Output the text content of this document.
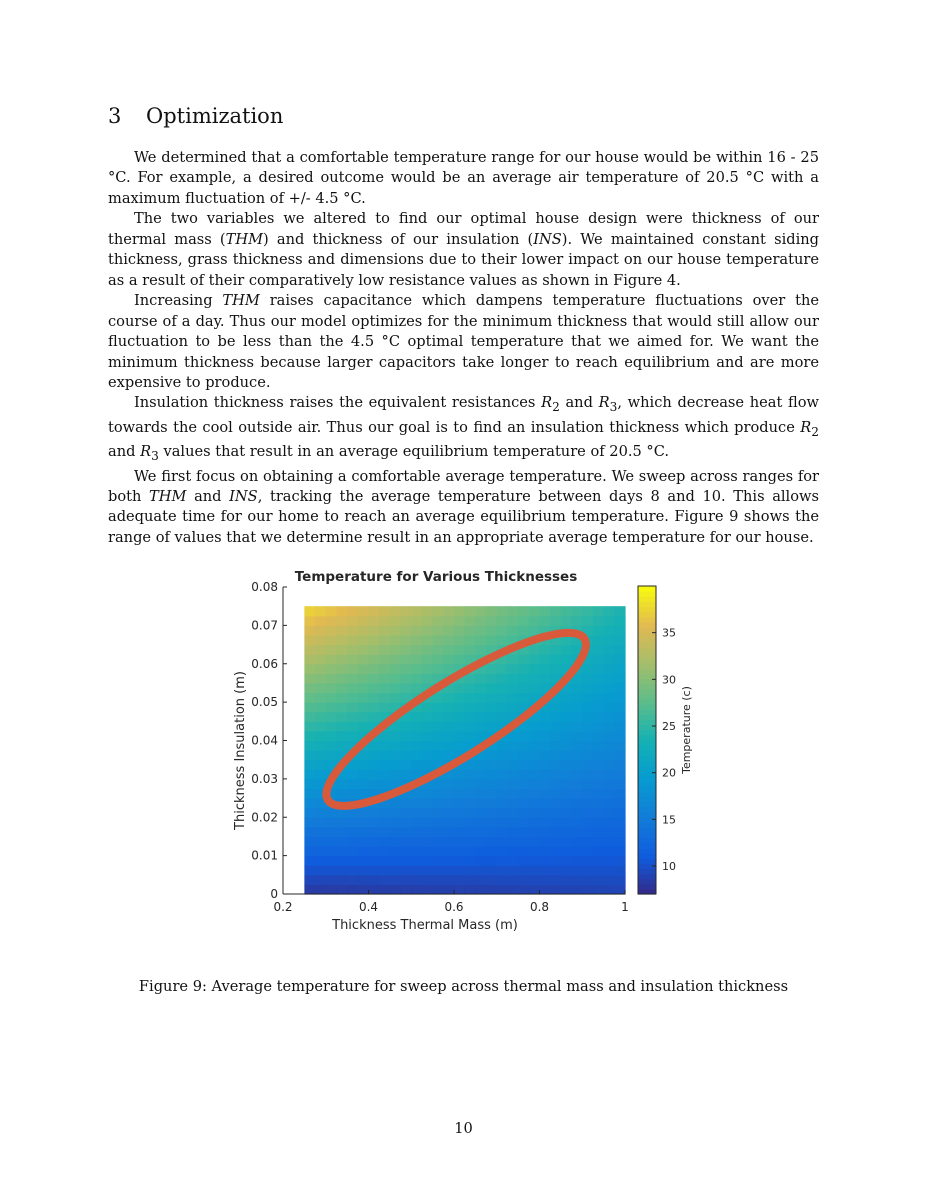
3 Optimization

We determined that a comfortable temperature range for our house would be within 16 - 25 °C. For example, a desired outcome would be an average air temperature of 20.5 °C with a maximum fluctuation of +/- 4.5 °C.

The two variables we altered to find our optimal house design were thickness of our thermal mass (THM) and thickness of our insulation (INS). We maintained constant siding thickness, grass thickness and dimensions due to their lower impact on our house temperature as a result of their comparatively low resistance values as shown in Figure 4.

Increasing THM raises capacitance which dampens temperature fluctuations over the course of a day. Thus our model optimizes for the minimum thickness that would still allow our fluctuation to be less than the 4.5 °C optimal temperature that we aimed for. We want the minimum thickness because larger capacitors take longer to reach equilibrium and are more expensive to produce.

Insulation thickness raises the equivalent resistances $R_2$ and $R_3$, which decrease heat flow towards the cool outside air. Thus our goal is to find an insulation thickness which produce $R_2$ and $R_3$ values that result in an average equilibrium temperature of 20.5 °C.

We first focus on obtaining a comfortable average temperature. We sweep across ranges for both THM and INS, tracking the average temperature between days 8 and 10. This allows adequate time for our home to reach an average equilibrium temperature. Figure 9 shows the range of values that we determine result in an appropriate average temperature for our house.

0.2	0.4	0.6	0.8	1
0
0.01
0.02
0.03
0.04
0.05
0.06
0.07
0.08
Temperature for Various Thicknesses
Thickness Thermal Mass (m)
Thickness Insulation (m)
10
15
20
25
30
35
Temperature (c)
Figure 9: Average temperature for sweep across thermal mass and insulation thickness
10
